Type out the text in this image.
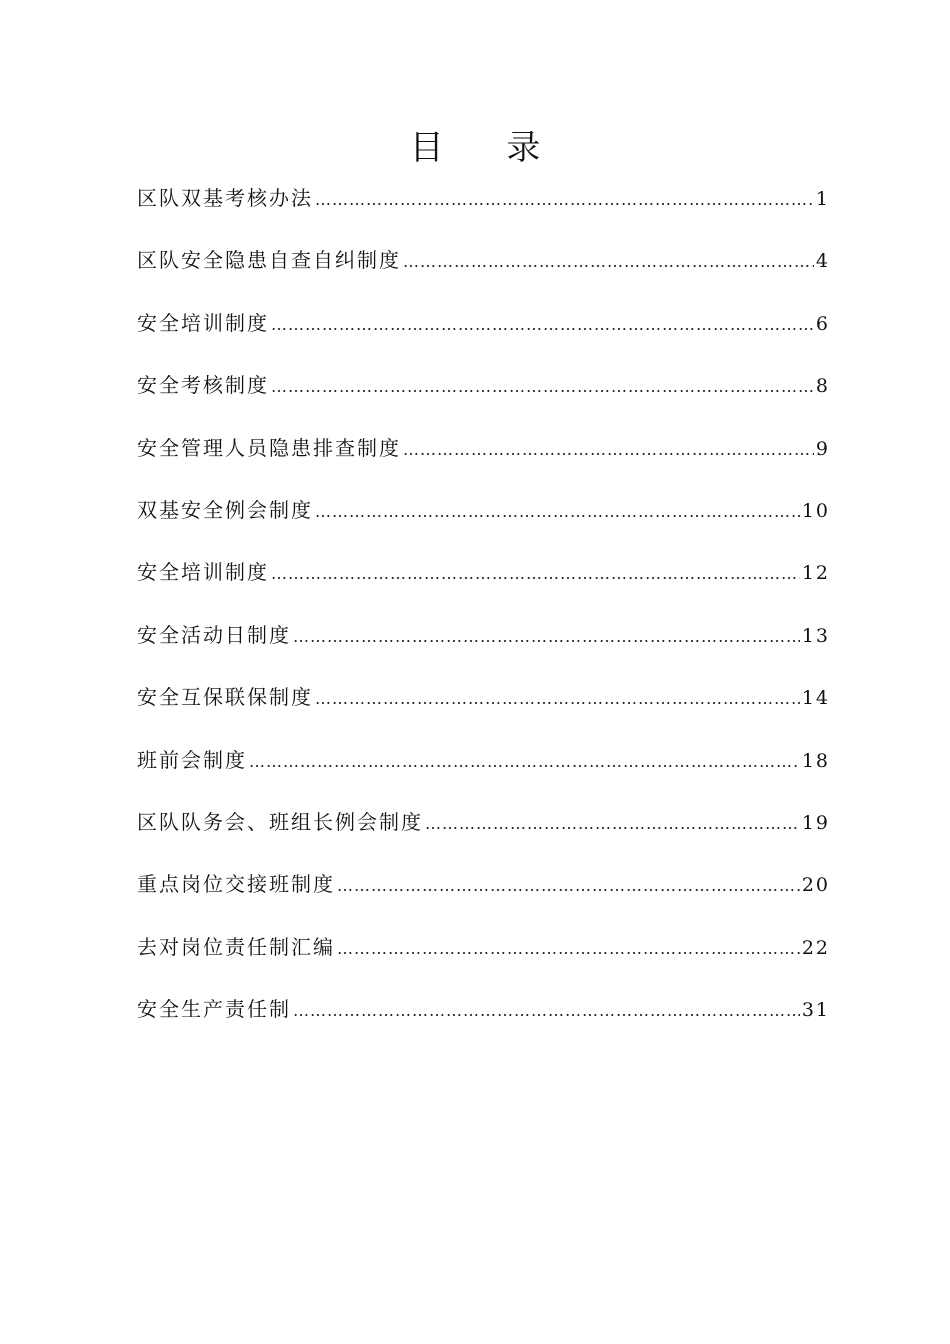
目 录
区队双基考核办法 …………………………………………………………………………………………………………………………………………………………………………	1
区队安全隐患自查自纠制度 …………………………………………………………………………………………………………………………………………………………………………	4
安全培训制度 …………………………………………………………………………………………………………………………………………………………………………	6
安全考核制度 …………………………………………………………………………………………………………………………………………………………………………	8
安全管理人员隐患排查制度 …………………………………………………………………………………………………………………………………………………………………………	9
双基安全例会制度 …………………………………………………………………………………………………………………………………………………………………………	10
安全培训制度 …………………………………………………………………………………………………………………………………………………………………………	12
安全活动日制度 …………………………………………………………………………………………………………………………………………………………………………	13
安全互保联保制度 …………………………………………………………………………………………………………………………………………………………………………	14
班前会制度 …………………………………………………………………………………………………………………………………………………………………………	18
区队队务会、班组长例会制度 …………………………………………………………………………………………………………………………………………………………………………	19
重点岗位交接班制度 …………………………………………………………………………………………………………………………………………………………………………	20
去对岗位责任制汇编 …………………………………………………………………………………………………………………………………………………………………………	22
安全生产责任制 …………………………………………………………………………………………………………………………………………………………………………	31
